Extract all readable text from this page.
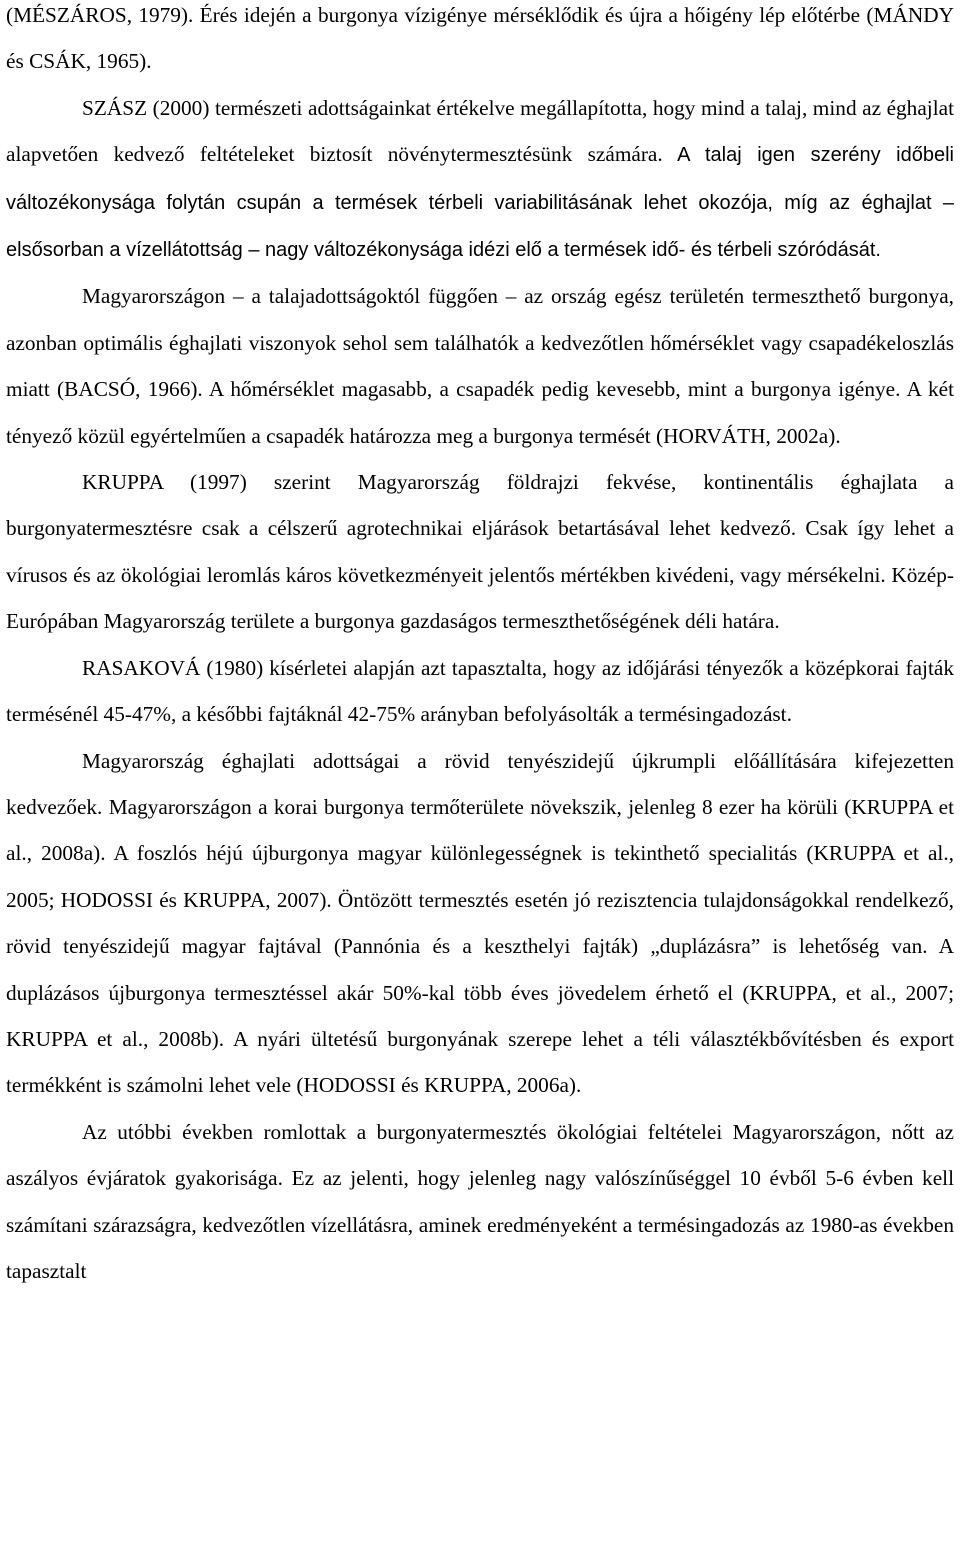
(MÉSZÁROS, 1979). Érés idején a burgonya vízigénye mérséklődik és újra a hőigény lép előtérbe (MÁNDY és CSÁK, 1965).

SZÁSZ (2000) természeti adottságainkat értékelve megállapította, hogy mind a talaj, mind az éghajlat alapvetően kedvező feltételeket biztosít növénytermesztésünk számára. A talaj igen szerény időbeli változékonysága folytán csupán a termések térbeli variabilitásának lehet okozója, míg az éghajlat – elsősorban a vízellátottság – nagy változékonysága idézi elő a termések idő- és térbeli szóródását.

Magyarországon – a talajadottságoktól függően – az ország egész területén termeszthető burgonya, azonban optimális éghajlati viszonyok sehol sem találhatók a kedvezőtlen hőmérséklet vagy csapadékeloszlás miatt (BACSÓ, 1966). A hőmérséklet magasabb, a csapadék pedig kevesebb, mint a burgonya igénye. A két tényező közül egyértelműen a csapadék határozza meg a burgonya termését (HORVÁTH, 2002a).

KRUPPA (1997) szerint Magyarország földrajzi fekvése, kontinentális éghajlata a burgonyatermesztésre csak a célszerű agrotechnikai eljárások betartásával lehet kedvező. Csak így lehet a vírusos és az ökológiai leromlás káros következményeit jelentős mértékben kivédeni, vagy mérsékelni. Közép-Európában Magyarország területe a burgonya gazdaságos termeszthetőségének déli határa.

RASAKOVÁ (1980) kísérletei alapján azt tapasztalta, hogy az időjárási tényezők a középkorai fajták termésénél 45-47%, a későbbi fajtáknál 42-75% arányban befolyásolták a termésingadozást.

Magyarország éghajlati adottságai a rövid tenyészidejű újkrumpli előállítására kifejezetten kedvezőek. Magyarországon a korai burgonya termőterülete növekszik, jelenleg 8 ezer ha körüli (KRUPPA et al., 2008a). A foszlós héjú újburgonya magyar különlegességnek is tekinthető specialitás (KRUPPA et al., 2005; HODOSSI és KRUPPA, 2007). Öntözött termesztés esetén jó rezisztencia tulajdonságokkal rendelkező, rövid tenyészidejű magyar fajtával (Pannónia és a keszthelyi fajták) „duplázásra” is lehetőség van. A duplázásos újburgonya termesztéssel akár 50%-kal több éves jövedelem érhető el (KRUPPA, et al., 2007; KRUPPA et al., 2008b). A nyári ültetésű burgonyának szerepe lehet a téli választékbővítésben és export termékként is számolni lehet vele (HODOSSI és KRUPPA, 2006a).

Az utóbbi években romlottak a burgonyatermesztés ökológiai feltételei Magyarországon, nőtt az aszályos évjáratok gyakorisága. Ez az jelenti, hogy jelenleg nagy valószínűséggel 10 évből 5-6 évben kell számítani szárazságra, kedvezőtlen vízellátásra, aminek eredményeként a termésingadozás az 1980-as években tapasztalt
